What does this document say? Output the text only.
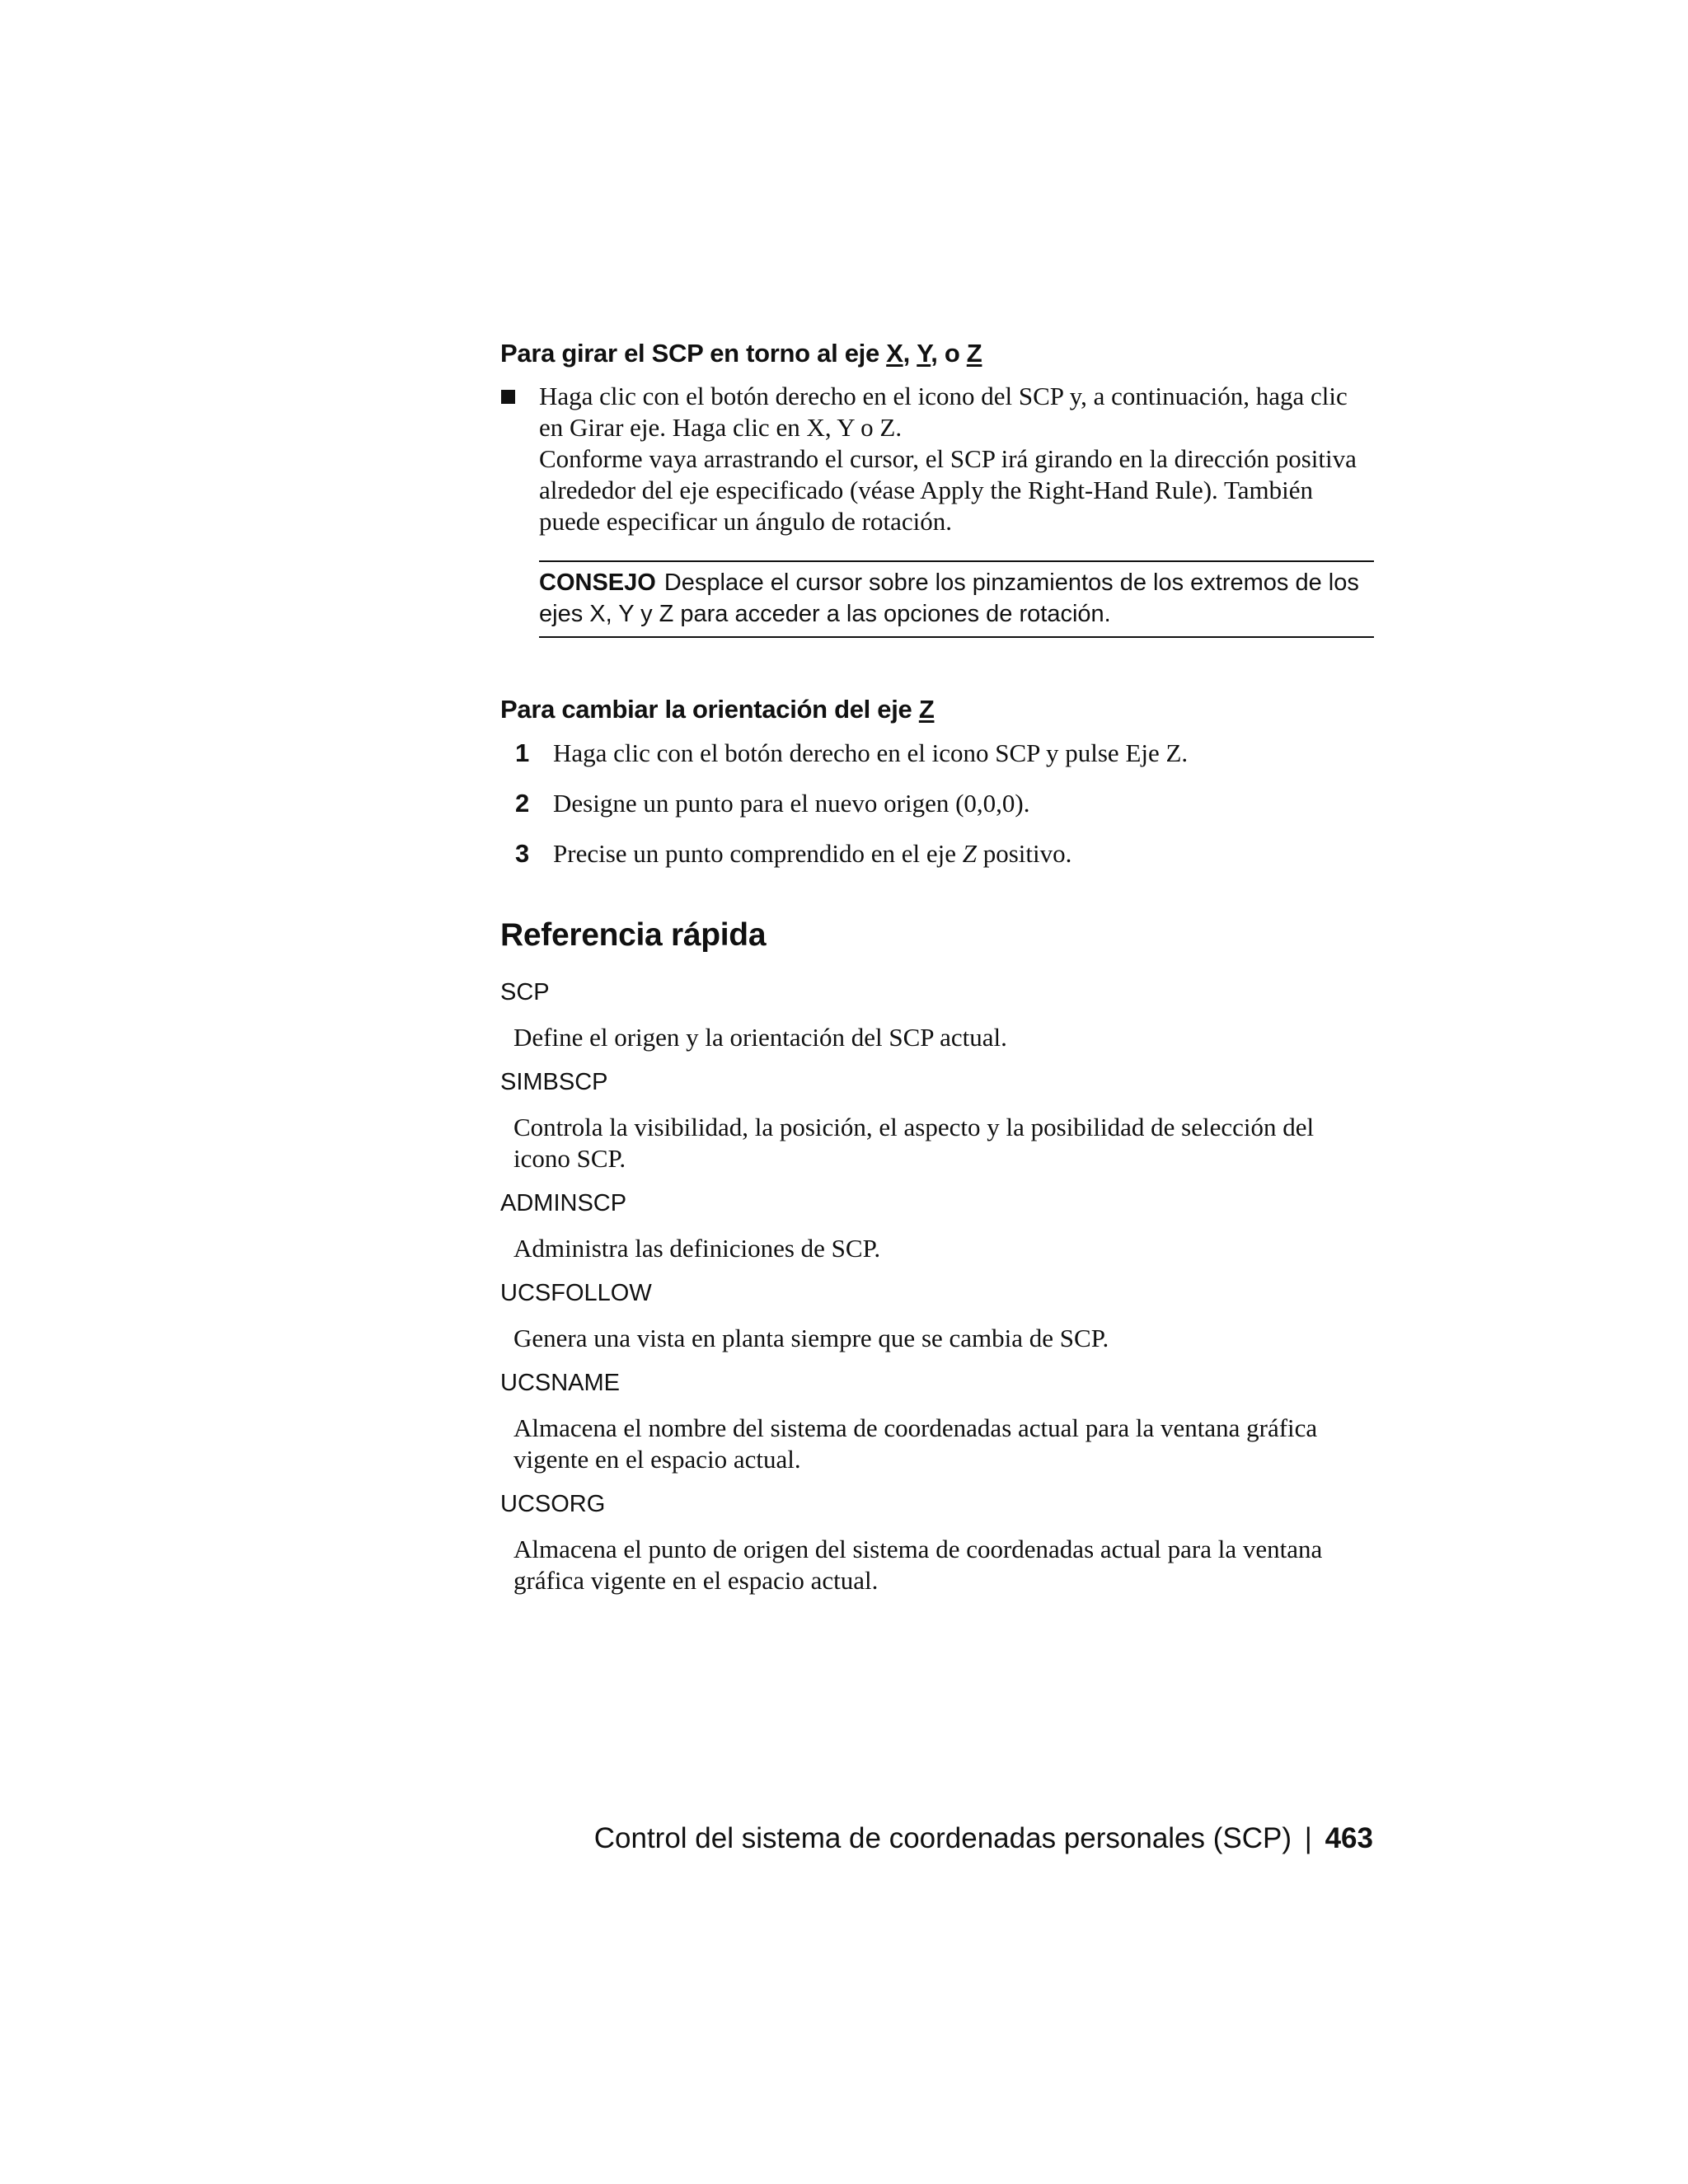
Para girar el SCP en torno al eje X, Y, o Z
Haga clic con el botón derecho en el icono del SCP y, a continuación, haga clic en Girar eje. Haga clic en X, Y o Z.
Conforme vaya arrastrando el cursor, el SCP irá girando en la dirección positiva alrededor del eje especificado (véase Apply the Right-Hand Rule). También puede especificar un ángulo de rotación.
CONSEJO Desplace el cursor sobre los pinzamientos de los extremos de los ejes X, Y y Z para acceder a las opciones de rotación.
Para cambiar la orientación del eje Z
1 Haga clic con el botón derecho en el icono SCP y pulse Eje Z.
2 Designe un punto para el nuevo origen (0,0,0).
3 Precise un punto comprendido en el eje Z positivo.
Referencia rápida
SCP
Define el origen y la orientación del SCP actual.
SIMBSCP
Controla la visibilidad, la posición, el aspecto y la posibilidad de selección del icono SCP.
ADMINSCP
Administra las definiciones de SCP.
UCSFOLLOW
Genera una vista en planta siempre que se cambia de SCP.
UCSNAME
Almacena el nombre del sistema de coordenadas actual para la ventana gráfica vigente en el espacio actual.
UCSORG
Almacena el punto de origen del sistema de coordenadas actual para la ventana gráfica vigente en el espacio actual.
Control del sistema de coordenadas personales (SCP) | 463
